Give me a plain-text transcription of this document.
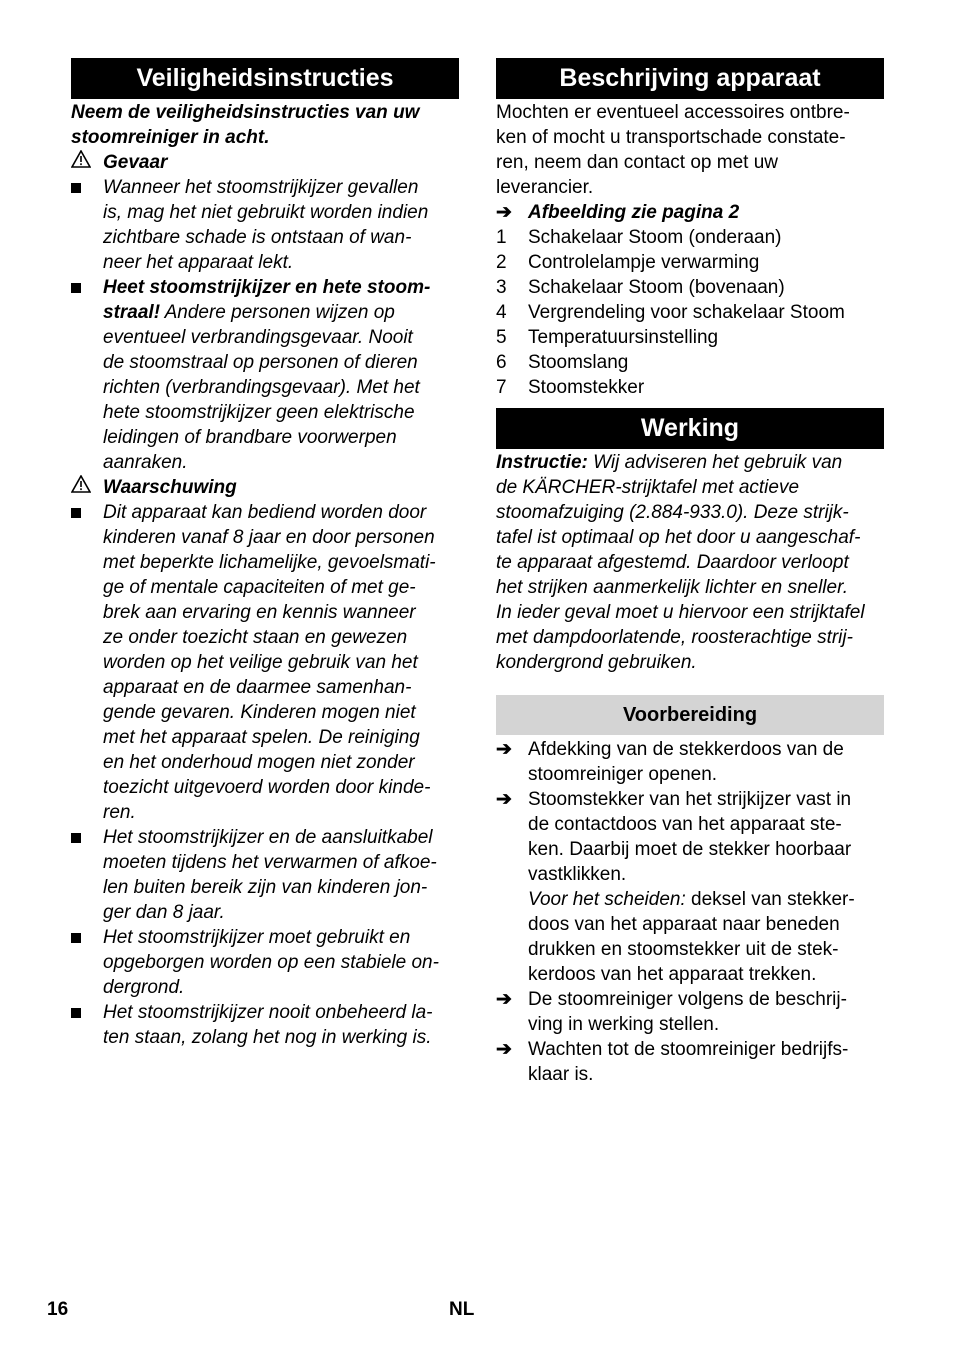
Veiligheidsinstructies
Neem de veiligheidsinstructies van uw
stoomreiniger in acht.
Gevaar
Wanneer het stoomstrijkijzer gevallen
is, mag het niet gebruikt worden indien
zichtbare schade is ontstaan of wan-
neer het apparaat lekt.
Heet stoomstrijkijzer en hete stoom-
straal! Andere personen wijzen op
eventueel verbrandingsgevaar. Nooit
de stoomstraal op personen of dieren
richten (verbrandingsgevaar). Met het
hete stoomstrijkijzer geen elektrische
leidingen of brandbare voorwerpen
aanraken.
Waarschuwing
Dit apparaat kan bediend worden door
kinderen vanaf 8 jaar en door personen
met beperkte lichamelijke, gevoelsmati-
ge of mentale capaciteiten of met ge-
brek aan ervaring en kennis wanneer
ze onder toezicht staan en gewezen
worden op het veilige gebruik van het
apparaat en de daarmee samenhan-
gende gevaren. Kinderen mogen niet
met het apparaat spelen. De reiniging
en het onderhoud mogen niet zonder
toezicht uitgevoerd worden door kinde-
ren.
Het stoomstrijkijzer en de aansluitkabel
moeten tijdens het verwarmen of afkoe-
len buiten bereik zijn van kinderen jon-
ger dan 8 jaar.
Het stoomstrijkijzer moet gebruikt en
opgeborgen worden op een stabiele on-
dergrond.
Het stoomstrijkijzer nooit onbeheerd la-
ten staan, zolang het nog in werking is.
Beschrijving apparaat
Mochten er eventueel accessoires ontbre-
ken of mocht u transportschade constate-
ren, neem dan contact op met uw
leverancier.
➔ Afbeelding zie pagina 2
1	Schakelaar Stoom (onderaan)
2	Controlelampje verwarming
3	Schakelaar Stoom (bovenaan)
4	Vergrendeling voor schakelaar Stoom
5	Temperatuursinstelling
6	Stoomslang
7	Stoomstekker
Werking
Instructie: Wij adviseren het gebruik van
de KÄRCHER-strijktafel met actieve
stoomafzuiging (2.884-933.0). Deze strijk-
tafel ist optimaal op het door u aangeschaf-
te apparaat afgestemd. Daardoor verloopt
het strijken aanmerkelijk lichter en sneller.
In ieder geval moet u hiervoor een strijktafel
met dampdoorlatende, roosterachtige strij-
kondergrond gebruiken.
Voorbereiding
➔ Afdekking van de stekkerdoos van de
stoomreiniger openen.
➔ Stoomstekker van het strijkijzer vast in
de contactdoos van het apparaat ste-
ken. Daarbij moet de stekker hoorbaar
vastklikken.
Voor het scheiden: deksel van stekker-
doos van het apparaat naar beneden
drukken en stoomstekker uit de stek-
kerdoos van het apparaat trekken.
➔ De stoomreiniger volgens de beschrij-
ving in werking stellen.
➔ Wachten tot de stoomreiniger bedrijfs-
klaar is.
16	NL
